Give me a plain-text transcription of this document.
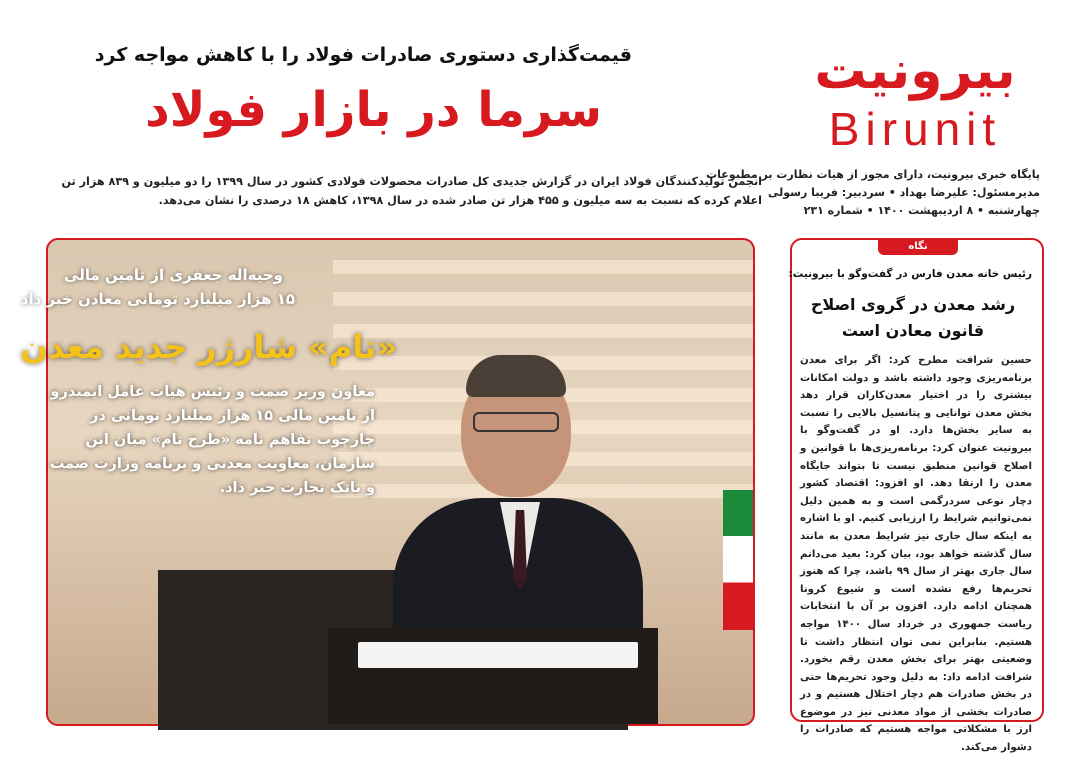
بیرونیت
Birunit
پایگاه خبری بیرونیت، دارای مجوز از هیات نظارت بر مطبوعات
مدیرمسئول: علیرضا بهداد • سردبیر: فریبا رسولی
چهارشنبه • ۸ اردیبهشت ۱۴۰۰ • شماره ۲۳۱
قیمت‌گذاری دستوری صادرات فولاد را با کاهش مواجه کرد
سرما در بازار فولاد
انجمن تولیدکنندگان فولاد ایران در گزارش جدیدی کل صادرات محصولات فولادی کشور در سال ۱۳۹۹ را دو میلیون و ۸۳۹ هزار تن اعلام کرده که نسبت به سه میلیون و ۴۵۵ هزار تن صادر شده در سال ۱۳۹۸، کاهش ۱۸ درصدی را نشان می‌دهد.
وجیه‌اله جعفری از تامین مالی
۱۵ هزار میلیارد تومانی معادن خبر داد
«تام» شارژر جدید معدن
معاون وزیر صمت و رئیس هیات عامل ایمیدرو از تامین مالی ۱۵ هزار میلیارد تومانی در چارچوب تفاهم نامه «طرح تام» میان این سازمان، معاونت معدنی و برنامه وزارت صمت و بانک تجارت خبر داد.
نگاه
رئیس خانه معدن فارس در گفت‌وگو با بیرونیت:
رشد معدن در گروی اصلاح قانون معادن است
حسین شرافت مطرح کرد: اگر برای معدن برنامه‌ریزی وجود داشته باشد و دولت امکانات بیشتری را در اختیار معدن‌کاران قرار دهد بخش معدن توانایی و پتانسیل بالایی را نسبت به سایر بخش‌ها دارد. او در گفت‌وگو با بیرونیت عنوان کرد: برنامه‌ریزی‌ها با قوانین و اصلاح قوانین منطبق نیست تا بتواند جایگاه معدن را ارتقا دهد. او افزود: اقتصاد کشور دچار نوعی سردرگمی است و به همین دلیل نمی‌توانیم شرایط را ارزیابی کنیم. او با اشاره به اینکه سال جاری نیز شرایط معدن به مانند سال گذشته خواهد بود، بیان کرد: بعید می‌دانم سال جاری بهتر از سال ۹۹ باشد، چرا که هنوز تحریم‌ها رفع نشده است و شیوع کرونا همچنان ادامه دارد. افزون بر آن با انتخابات ریاست جمهوری در خرداد سال ۱۴۰۰ مواجه هستیم. بنابراین نمی توان انتظار داشت تا وضعیتی بهتر برای بخش معدن رقم بخورد. شرافت ادامه داد: به دلیل وجود تحریم‌ها حتی در بخش صادرات هم دچار اختلال هستیم و در صادرات بخشی از مواد معدنی نیز در موضوع ارز با مشکلاتی مواجه هستیم که صادرات را دشوار می‌کند.
